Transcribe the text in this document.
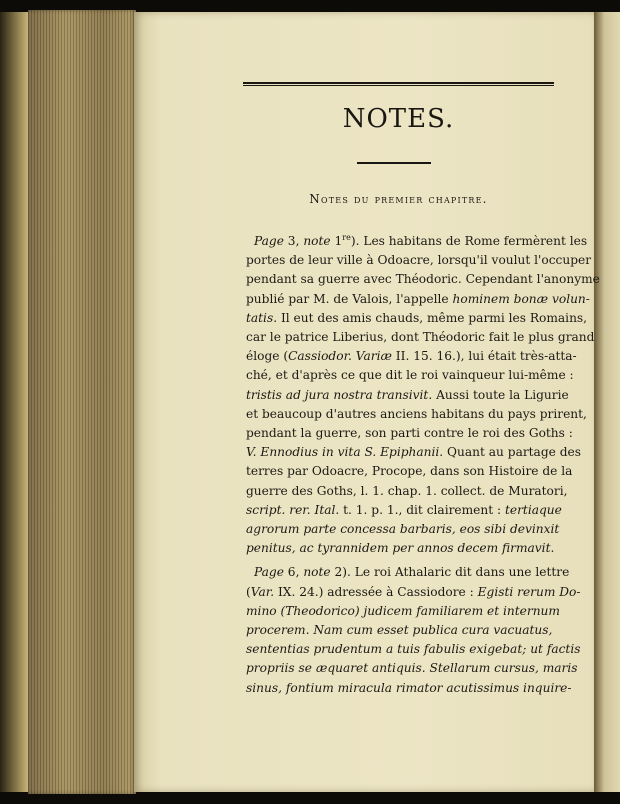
NOTES.
Notes du premier chapitre.

Page 3, note 1re). Les habitans de Rome fermèrent les
portes de leur ville à Odoacre, lorsqu'il voulut l'occuper
pendant sa guerre avec Théodoric. Cependant l'anonyme
publié par M. de Valois, l'appelle hominem bonæ volun-
tatis. Il eut des amis chauds, même parmi les Romains,
car le patrice Liberius, dont Théodoric fait le plus grand
éloge (Cassiodor. Variæ II. 15. 16.), lui était très-atta-
ché, et d'après ce que dit le roi vainqueur lui-même :
tristis ad jura nostra transivit. Aussi toute la Ligurie
et beaucoup d'autres anciens habitans du pays prirent,
pendant la guerre, son parti contre le roi des Goths :
V. Ennodius in vita S. Epiphanii. Quant au partage des
terres par Odoacre, Procope, dans son Histoire de la
guerre des Goths, l. 1. chap. 1. collect. de Muratori,
script. rer. Ital. t. 1. p. 1., dit clairement : tertiaque
agrorum parte concessa barbaris, eos sibi devinxit
penitus, ac tyrannidem per annos decem firmavit.

Page 6, note 2). Le roi Athalaric dit dans une lettre
(Var. IX. 24.) adressée à Cassiodore : Egisti rerum Do-
mino (Theodorico) judicem familiarem et internum
procerem. Nam cum esset publica cura vacuatus,
sententias prudentum a tuis fabulis exigebat; ut factis
propriis se æquaret antiquis. Stellarum cursus, maris
sinus, fontium miracula rimator acutissimus inquire-
